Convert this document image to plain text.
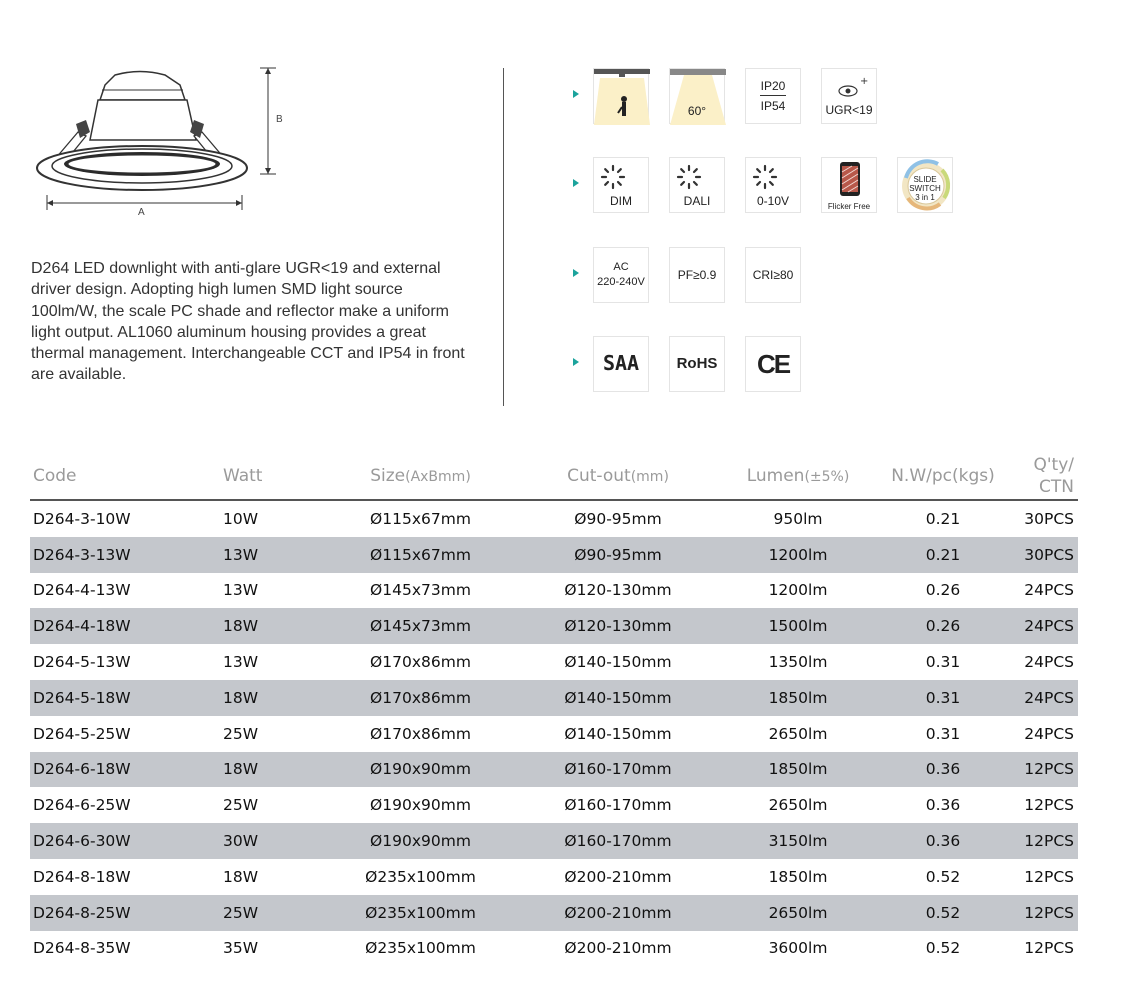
A
B
D264 LED downlight with anti-glare UGR<19 and external driver design. Adopting high lumen SMD light source 100lm/W, the scale PC shade and reflector make a uniform light output. AL1060 aluminum housing provides a great thermal management. Interchangeable CCT and IP54 in front are available.
60°
IP20
IP54
+
UGR<19
DIM	DALI	0-10V	Flicker Free
SLIDE
SWITCH
3 in 1
AC
220-240V	PF≥0.9	CRI≥80
SAA	RoHS	CE
Code	Watt	Size(AxBmm)	Cut-out(mm)	Lumen(±5%)	N.W/pc(kgs)	Q'ty/
CTN
D264-3-10W	10W	Ø115x67mm	Ø90-95mm	950lm	0.21	30PCS
D264-3-13W	13W	Ø115x67mm	Ø90-95mm	1200lm	0.21	30PCS
D264-4-13W	13W	Ø145x73mm	Ø120-130mm	1200lm	0.26	24PCS
D264-4-18W	18W	Ø145x73mm	Ø120-130mm	1500lm	0.26	24PCS
D264-5-13W	13W	Ø170x86mm	Ø140-150mm	1350lm	0.31	24PCS
D264-5-18W	18W	Ø170x86mm	Ø140-150mm	1850lm	0.31	24PCS
D264-5-25W	25W	Ø170x86mm	Ø140-150mm	2650lm	0.31	24PCS
D264-6-18W	18W	Ø190x90mm	Ø160-170mm	1850lm	0.36	12PCS
D264-6-25W	25W	Ø190x90mm	Ø160-170mm	2650lm	0.36	12PCS
D264-6-30W	30W	Ø190x90mm	Ø160-170mm	3150lm	0.36	12PCS
D264-8-18W	18W	Ø235x100mm	Ø200-210mm	1850lm	0.52	12PCS
D264-8-25W	25W	Ø235x100mm	Ø200-210mm	2650lm	0.52	12PCS
D264-8-35W	35W	Ø235x100mm	Ø200-210mm	3600lm	0.52	12PCS
